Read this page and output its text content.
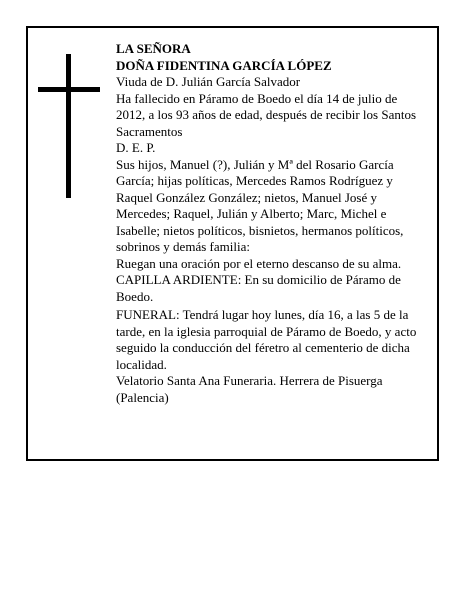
LA SEÑORA

DOÑA FIDENTINA GARCÍA LÓPEZ

Viuda de D. Julián García Salvador

Ha fallecido en Páramo de Boedo el día 14 de julio de 2012, a los 93 años de edad, después de recibir los Santos Sacramentos

D. E. P.

Sus hijos, Manuel (?), Julián y Mª del Rosario García García; hijas políticas, Mercedes Ramos Rodríguez y Raquel González González; nietos, Manuel José y Mercedes; Raquel, Julián y Alberto; Marc, Michel e Isabelle; nietos políticos, bisnietos, hermanos políticos, sobrinos y demás familia:

Ruegan una oración por el eterno descanso de su alma.

CAPILLA ARDIENTE: En su domicilio de Páramo de Boedo.

FUNERAL: Tendrá lugar hoy lunes, día 16, a las 5 de la tarde, en la iglesia parroquial de Páramo de Boedo, y acto seguido la conducción del féretro al cementerio de dicha localidad.

Velatorio Santa Ana Funeraria. Herrera de Pisuerga (Palencia)
